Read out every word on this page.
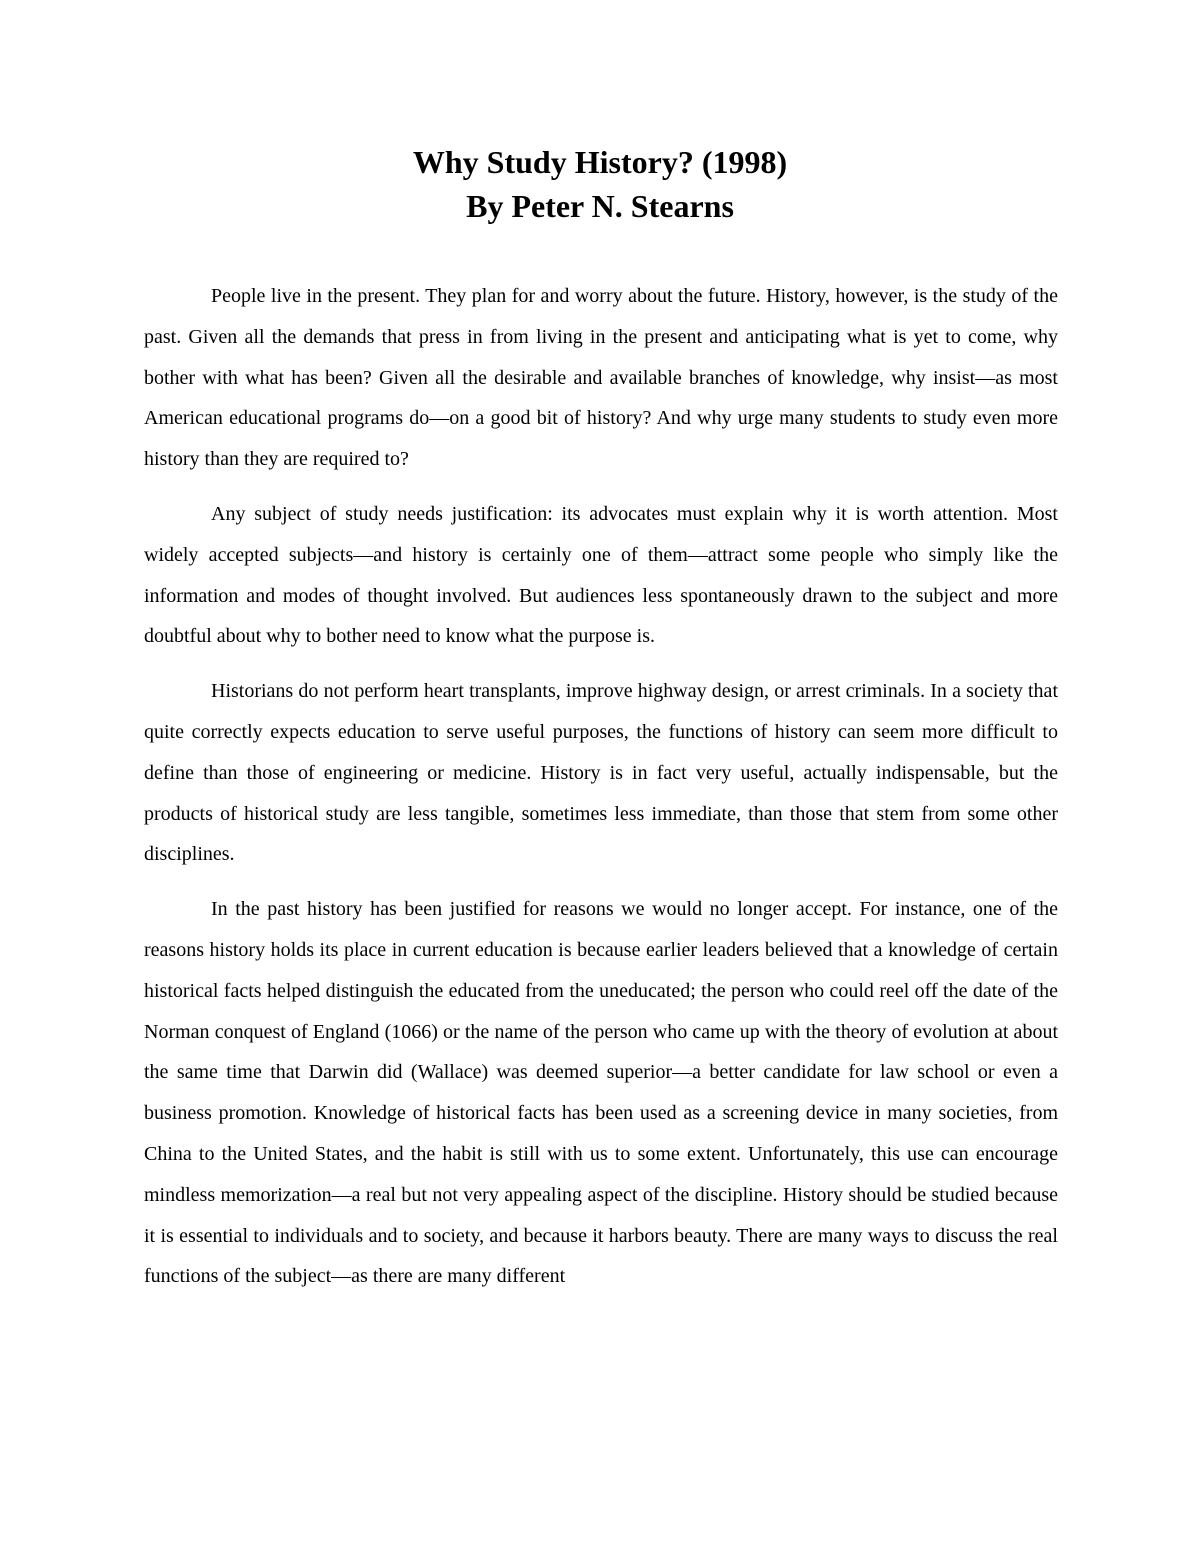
Why Study History? (1998)
By Peter N. Stearns

People live in the present. They plan for and worry about the future. History, however, is the study of the past. Given all the demands that press in from living in the present and anticipating what is yet to come, why bother with what has been? Given all the desirable and available branches of knowledge, why insist—as most American educational programs do—on a good bit of history? And why urge many students to study even more history than they are required to?

Any subject of study needs justification: its advocates must explain why it is worth attention. Most widely accepted subjects—and history is certainly one of them—attract some people who simply like the information and modes of thought involved. But audiences less spontaneously drawn to the subject and more doubtful about why to bother need to know what the purpose is.

Historians do not perform heart transplants, improve highway design, or arrest criminals. In a society that quite correctly expects education to serve useful purposes, the functions of history can seem more difficult to define than those of engineering or medicine. History is in fact very useful, actually indispensable, but the products of historical study are less tangible, sometimes less immediate, than those that stem from some other disciplines.

In the past history has been justified for reasons we would no longer accept. For instance, one of the reasons history holds its place in current education is because earlier leaders believed that a knowledge of certain historical facts helped distinguish the educated from the uneducated; the person who could reel off the date of the Norman conquest of England (1066) or the name of the person who came up with the theory of evolution at about the same time that Darwin did (Wallace) was deemed superior—a better candidate for law school or even a business promotion. Knowledge of historical facts has been used as a screening device in many societies, from China to the United States, and the habit is still with us to some extent. Unfortunately, this use can encourage mindless memorization—a real but not very appealing aspect of the discipline. History should be studied because it is essential to individuals and to society, and because it harbors beauty. There are many ways to discuss the real functions of the subject—as there are many different
